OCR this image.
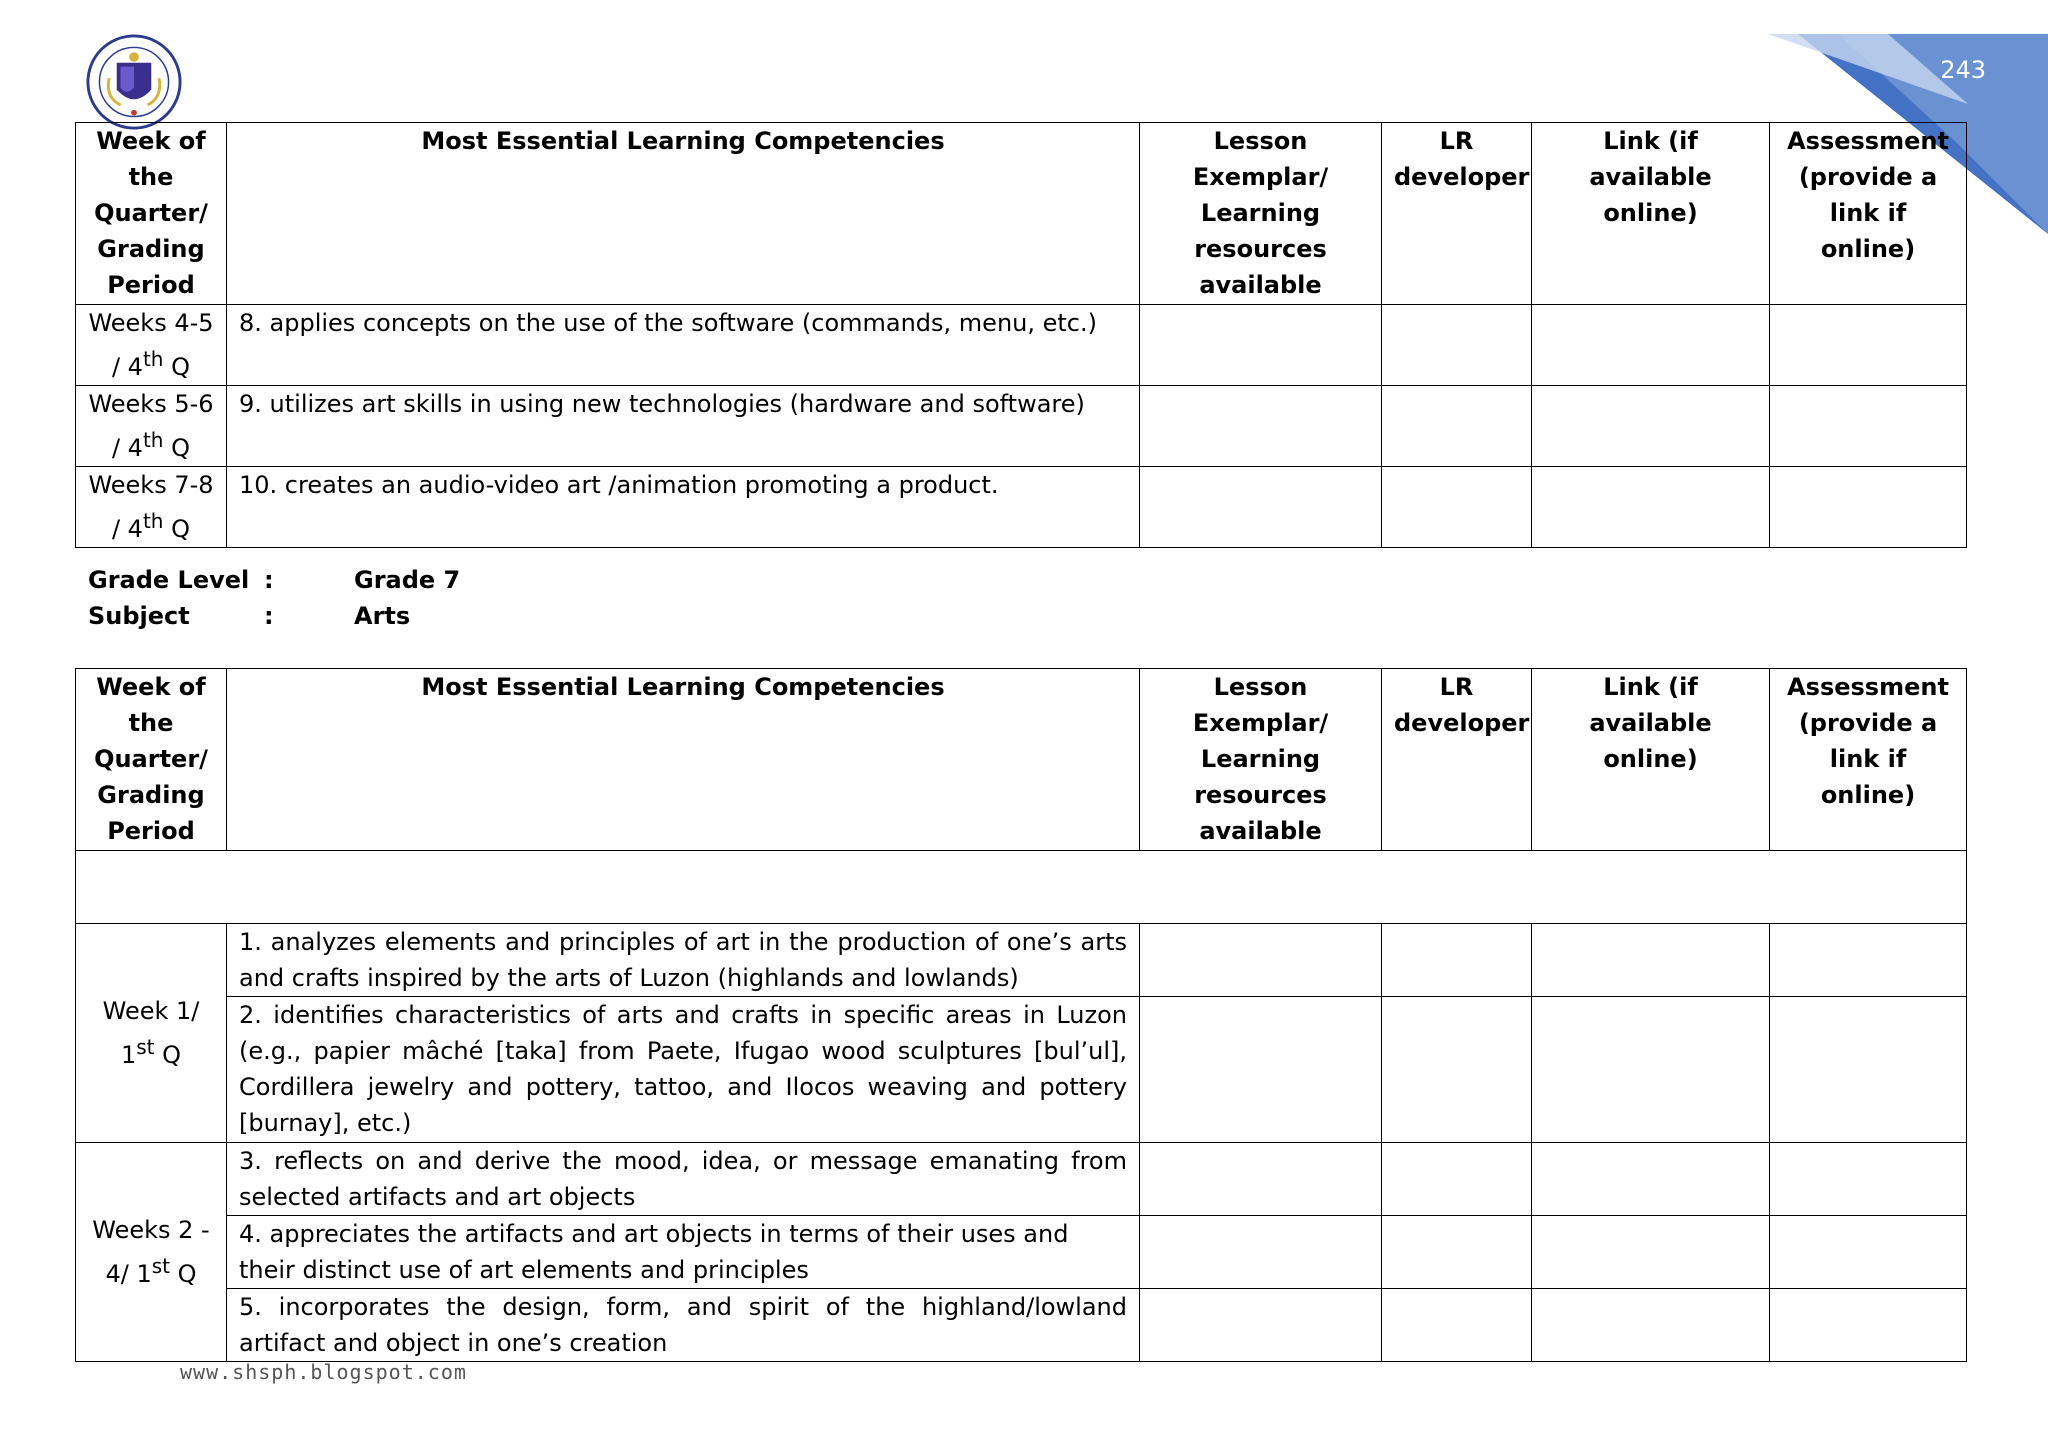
243
Week of the Quarter/ Grading Period	Most Essential Learning Competencies	Lesson Exemplar/ Learning resources available	LR developer	Link (if available online)	Assessment (provide a link if online)
Weeks 4-5 / 4th Q	8. applies concepts on the use of the software (commands, menu, etc.)				
Weeks 5-6 / 4th Q	9. utilizes art skills in using new technologies (hardware and software)				
Weeks 7-8 / 4th Q	10. creates an audio-video art /animation promoting a product.				
Grade Level :	Grade 7
Subject	:	Arts
Week of the Quarter/ Grading Period	Most Essential Learning Competencies	Lesson Exemplar/ Learning resources available	LR developer	Link (if available online)	Assessment (provide a link if online)

Week 1/ 1st Q	1. analyzes elements and principles of art in the production of one’s arts and crafts inspired by the arts of Luzon (highlands and lowlands)				
	2. identifies characteristics of arts and crafts in specific areas in Luzon (e.g., papier mâché [taka] from Paete, Ifugao wood sculptures [bul’ul], Cordillera jewelry and pottery, tattoo, and Ilocos weaving and pottery [burnay], etc.)				
Weeks 2 - 4/ 1st Q	3. reflects on and derive the mood, idea, or message emanating from selected artifacts and art objects				
	4. appreciates the artifacts and art objects in terms of their uses and their distinct use of art elements and principles				
	5. incorporates the design, form, and spirit of the highland/lowland artifact and object in one’s creation				
www.shsph.blogspot.com
